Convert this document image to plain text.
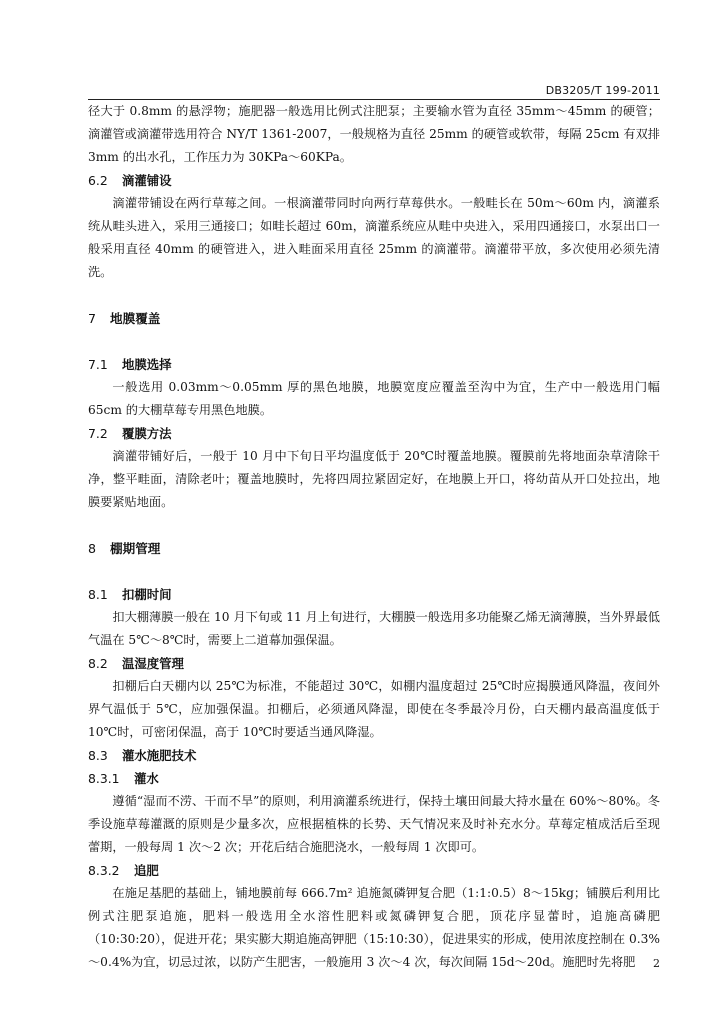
DB3205/T 199-2011

径大于 0.8mm 的悬浮物；施肥器一般选用比例式注肥泵；主要输水管为直径 35mm～45mm 的硬管；滴灌管或滴灌带选用符合 NY/T 1361-2007，一般规格为直径 25mm 的硬管或软带，每隔 25cm 有双排 3mm 的出水孔，工作压力为 30KPa～60KPa。

6.2 滴灌铺设

滴灌带铺设在两行草莓之间。一根滴灌带同时向两行草莓供水。一般畦长在 50m～60m 内，滴灌系统从畦头进入，采用三通接口；如畦长超过 60m，滴灌系统应从畦中央进入，采用四通接口，水泵出口一般采用直径 40mm 的硬管进入，进入畦面采用直径 25mm 的滴灌带。滴灌带平放，多次使用必须先清洗。

7 地膜覆盖
7.1 地膜选择

一般选用 0.03mm～0.05mm 厚的黑色地膜，地膜宽度应覆盖至沟中为宜，生产中一般选用门幅 65cm 的大棚草莓专用黑色地膜。

7.2 覆膜方法

滴灌带铺好后，一般于 10 月中下旬日平均温度低于 20℃时覆盖地膜。覆膜前先将地面杂草清除干净，整平畦面，清除老叶；覆盖地膜时，先将四周拉紧固定好，在地膜上开口，将幼苗从开口处拉出，地膜要紧贴地面。

8 棚期管理
8.1 扣棚时间

扣大棚薄膜一般在 10 月下旬或 11 月上旬进行，大棚膜一般选用多功能聚乙烯无滴薄膜，当外界最低气温在 5℃～8℃时，需要上二道幕加强保温。

8.2 温湿度管理

扣棚后白天棚内以 25℃为标准，不能超过 30℃，如棚内温度超过 25℃时应揭膜通风降温，夜间外界气温低于 5℃，应加强保温。扣棚后，必须通风降湿，即使在冬季最冷月份，白天棚内最高温度低于 10℃时，可密闭保温，高于 10℃时要适当通风降湿。

8.3 灌水施肥技术
8.3.1 灌水

遵循“湿而不涝、干而不旱”的原则，利用滴灌系统进行，保持土壤田间最大持水量在 60%～80%。冬季设施草莓灌溉的原则是少量多次，应根据植株的长势、天气情况来及时补充水分。草莓定植成活后至现蕾期，一般每周 1 次～2 次；开花后结合施肥浇水，一般每周 1 次即可。

8.3.2 追肥

在施足基肥的基础上，铺地膜前每 666.7m² 追施氮磷钾复合肥（1:1:0.5）8～15kg；铺膜后利用比例式注肥泵追施，肥料一般选用全水溶性肥料或氮磷钾复合肥，顶花序显蕾时，追施高磷肥（10:30:20），促进开花；果实膨大期追施高钾肥（15:10:30），促进果实的形成，使用浓度控制在 0.3%～0.4%为宜，切忌过浓，以防产生肥害，一般施用 3 次～4 次，每次间隔 15d～20d。施肥时先将肥	2
